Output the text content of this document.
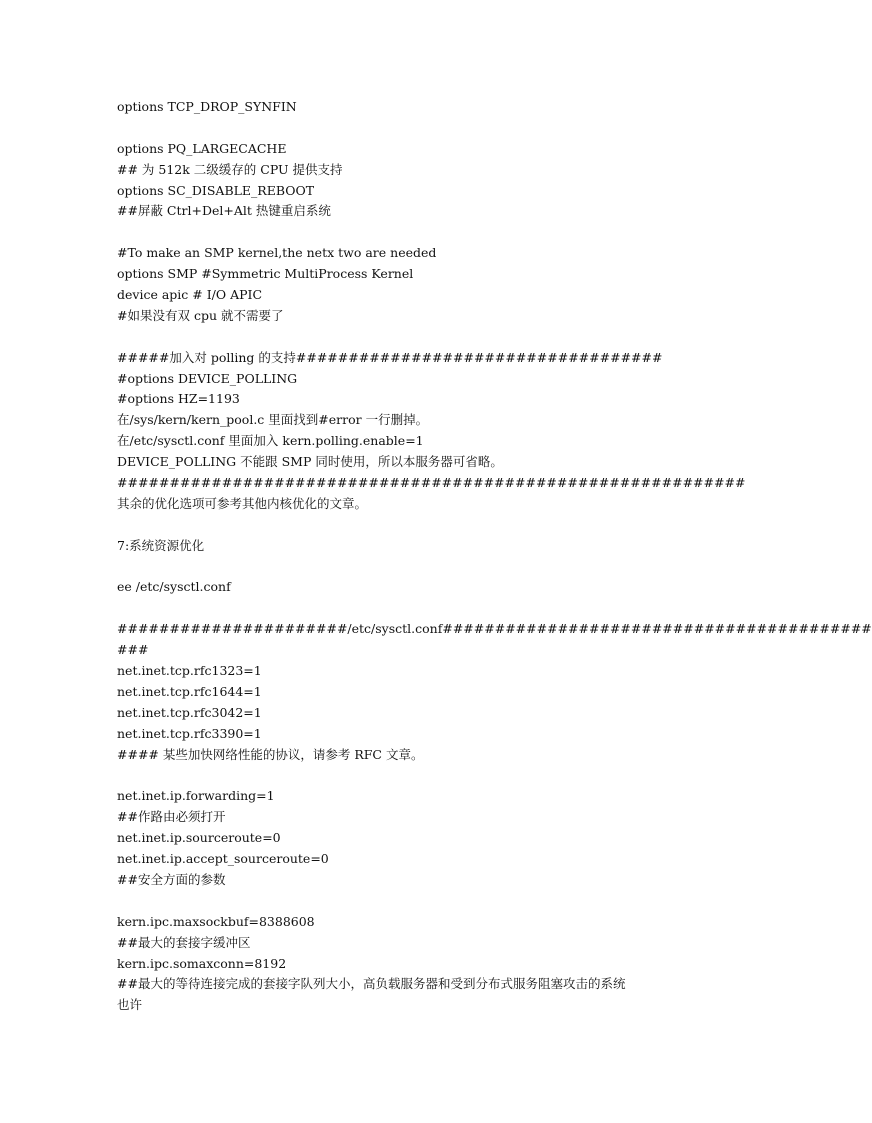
options TCP_DROP_SYNFIN
options PQ_LARGECACHE
## 为 512k 二级缓存的 CPU 提供支持
options SC_DISABLE_REBOOT
##屏蔽 Ctrl+Del+Alt 热键重启系统
#To make an SMP kernel,the netx two are needed
options SMP #Symmetric MultiProcess Kernel
device apic # I/O APIC
#如果没有双 cpu 就不需要了
#####加入对 polling 的支持###################################
#options DEVICE_POLLING
#options HZ=1193
在/sys/kern/kern_pool.c 里面找到#error 一行删掉。
在/etc/sysctl.conf 里面加入 kern.polling.enable=1
DEVICE_POLLING 不能跟 SMP 同时使用，所以本服务器可省略。
############################################################
其余的优化选项可参考其他内核优化的文章。
7:系统资源优化
ee /etc/sysctl.conf
######################/etc/sysctl.conf#########################################
###
net.inet.tcp.rfc1323=1
net.inet.tcp.rfc1644=1
net.inet.tcp.rfc3042=1
net.inet.tcp.rfc3390=1
#### 某些加快网络性能的协议，请参考 RFC 文章。
net.inet.ip.forwarding=1
##作路由必须打开
net.inet.ip.sourceroute=0
net.inet.ip.accept_sourceroute=0
##安全方面的参数
kern.ipc.maxsockbuf=8388608
##最大的套接字缓冲区
kern.ipc.somaxconn=8192
##最大的等待连接完成的套接字队列大小，高负载服务器和受到分布式服务阻塞攻击的系统
也许
